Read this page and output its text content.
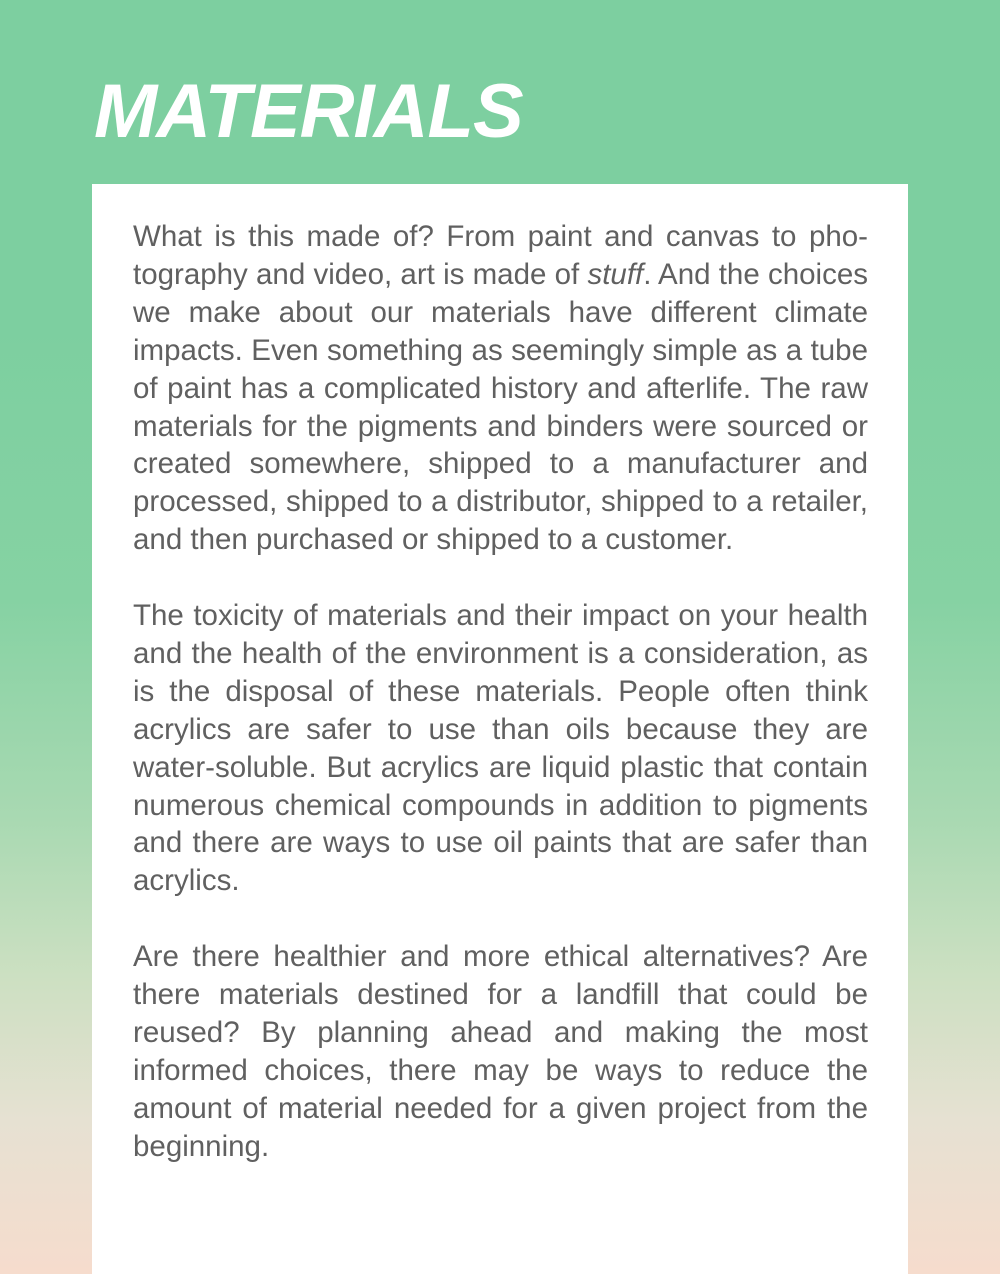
MATERIALS

What is this made of? From paint and canvas to photography and video, art is made of stuff. And the choices we make about our materials have different climate impacts. Even something as seemingly simple as a tube of paint has a complicated history and afterlife. The raw materials for the pigments and binders were sourced or created somewhere, shipped to a manufacturer and processed, shipped to a distributor, shipped to a retailer, and then purchased or shipped to a customer.

The toxicity of materials and their impact on your health and the health of the environment is a consideration, as is the disposal of these materials. People often think acrylics are safer to use than oils because they are water-soluble. But acrylics are liquid plastic that contain numerous chemical compounds in addition to pigments and there are ways to use oil paints that are safer than acrylics.

Are there healthier and more ethical alternatives? Are there materials destined for a landfill that could be reused? By planning ahead and making the most informed choices, there may be ways to reduce the amount of material needed for a given project from the beginning.
